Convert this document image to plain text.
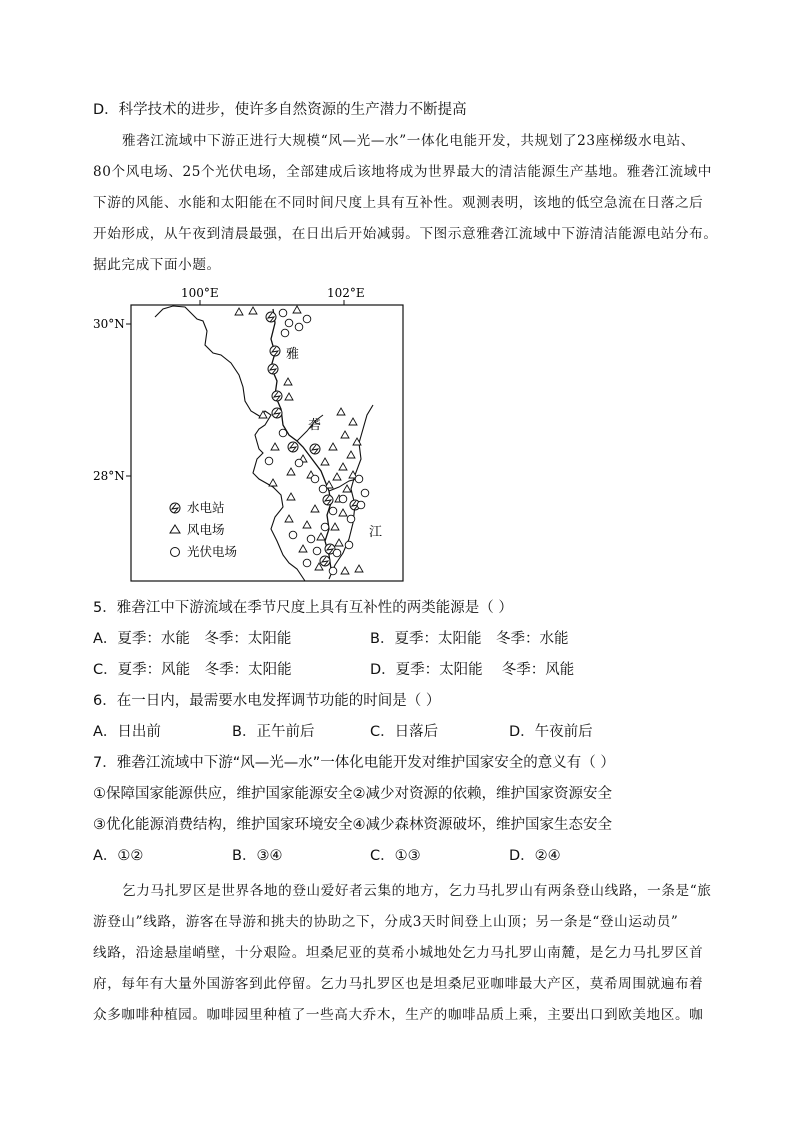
D．科学技术的进步，使许多自然资源的生产潜力不断提高
雅砻江流域中下游正进行大规模“风—光—水”一体化电能开发，共规划了23座梯级水电站、
80个风电场、25个光伏电场，全部建成后该地将成为世界最大的清洁能源生产基地。雅砻江流域中
下游的风能、水能和太阳能在不同时间尺度上具有互补性。观测表明，该地的低空急流在日落之后
开始形成，从午夜到清晨最强，在日出后开始减弱。下图示意雅砻江流域中下游清洁能源电站分布。
据此完成下面小题。
100°E	102°E
30°N
28°N
雅
砻
江
水电站
风电场
光伏电场
5．雅砻江中下游流域在季节尺度上具有互补性的两类能源是（ ）
A．夏季：水能　冬季：太阳能	B．夏季：太阳能　冬季：水能
C．夏季：风能　冬季：太阳能	D．夏季：太阳能　 冬季：风能
6．在一日内，最需要水电发挥调节功能的时间是（ ）
A．日出前	B．正午前后	C．日落后	D．午夜前后
7．雅砻江流域中下游“风—光—水”一体化电能开发对维护国家安全的意义有（ ）
①保障国家能源供应，维护国家能源安全②减少对资源的依赖，维护国家资源安全
③优化能源消费结构，维护国家环境安全④减少森林资源破坏，维护国家生态安全
A．①②	B．③④	C．①③	D．②④
乞力马扎罗区是世界各地的登山爱好者云集的地方，乞力马扎罗山有两条登山线路，一条是“旅
游登山”线路，游客在导游和挑夫的协助之下，分成3天时间登上山顶；另一条是“登山运动员”
线路，沿途悬崖峭壁，十分艰险。坦桑尼亚的莫希小城地处乞力马扎罗山南麓，是乞力马扎罗区首
府，每年有大量外国游客到此停留。乞力马扎罗区也是坦桑尼亚咖啡最大产区，莫希周围就遍布着
众多咖啡种植园。咖啡园里种植了一些高大乔木，生产的咖啡品质上乘，主要出口到欧美地区。咖
